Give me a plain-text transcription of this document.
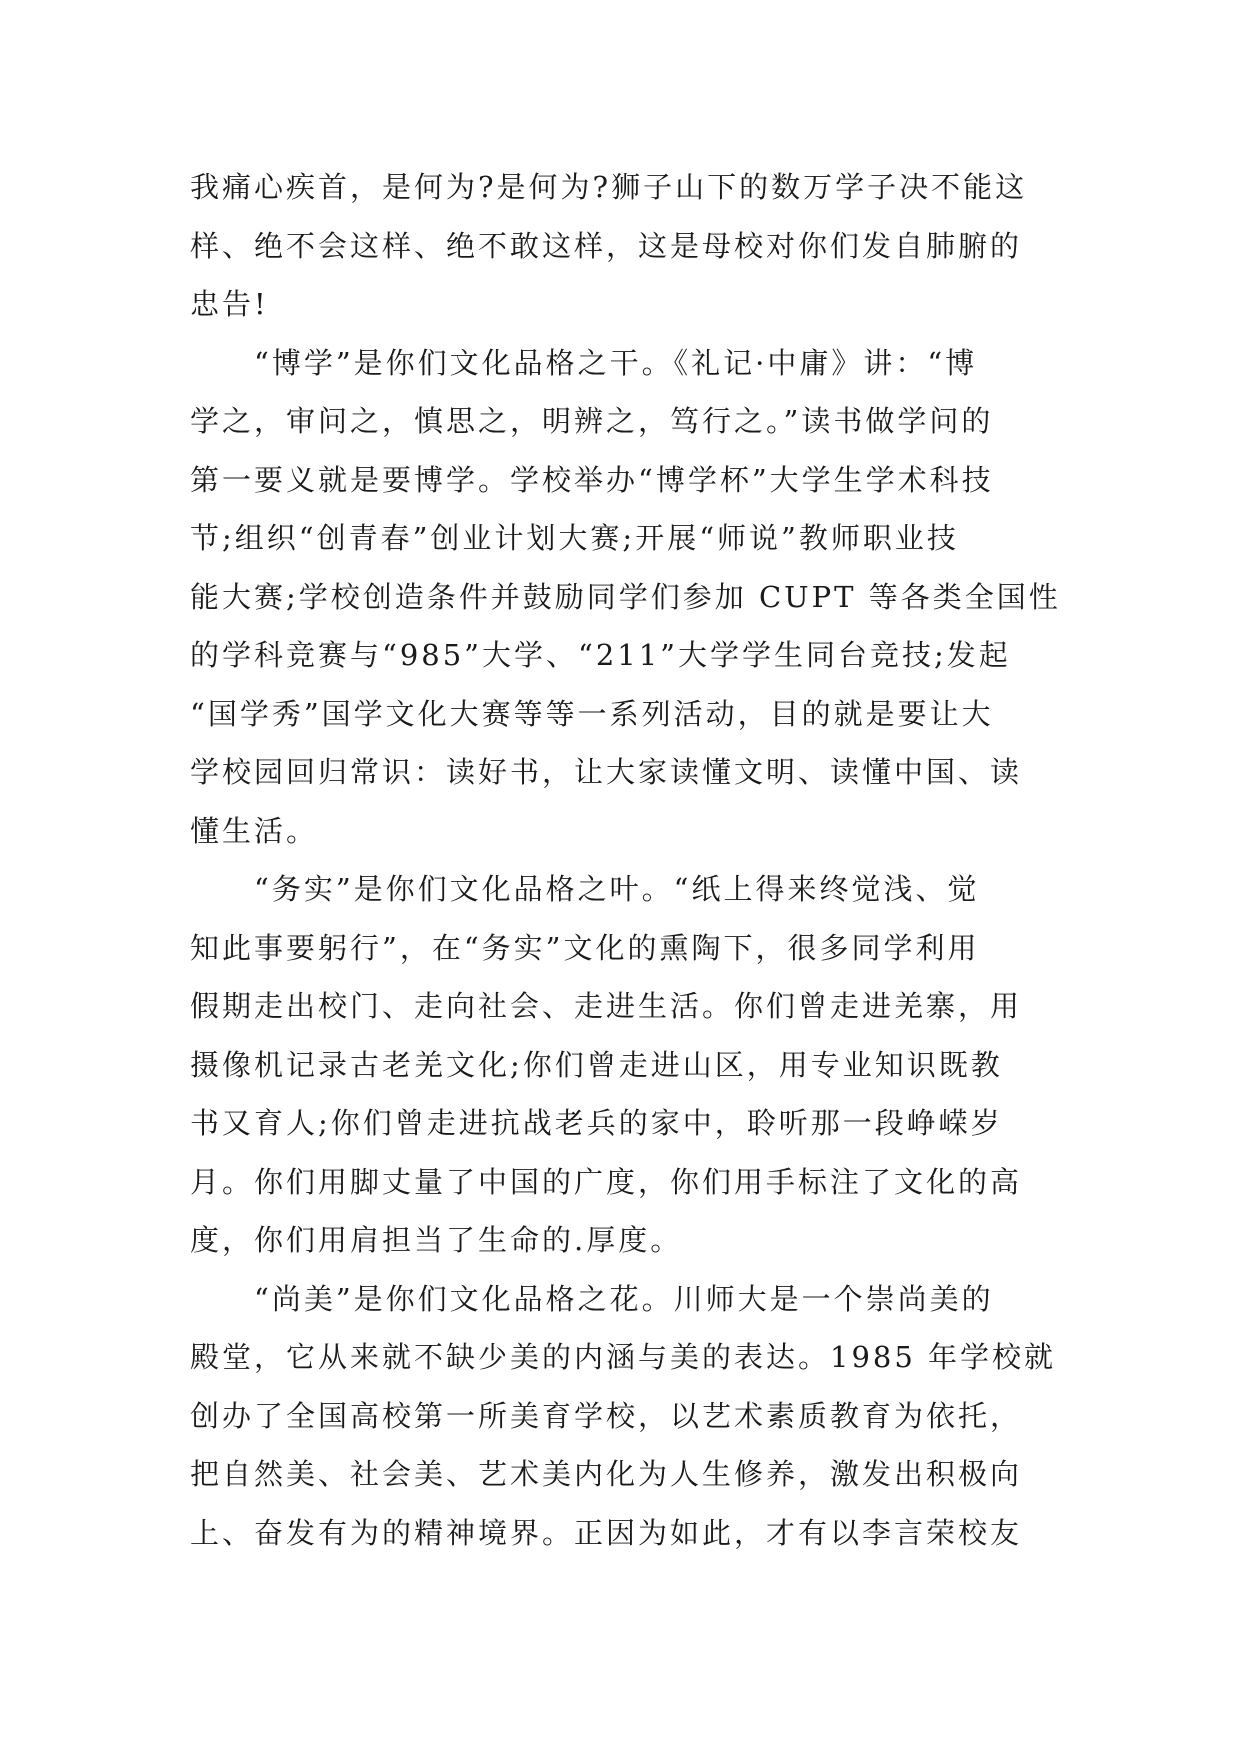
我痛心疾首，是何为?是何为?狮子山下的数万学子决不能这
样、绝不会这样、绝不敢这样，这是母校对你们发自肺腑的
忠告!
“博学”是你们文化品格之干。《礼记·中庸》讲：“博
学之，审问之，慎思之，明辨之，笃行之。”读书做学问的
第一要义就是要博学。学校举办“博学杯”大学生学术科技
节;组织“创青春”创业计划大赛;开展“师说”教师职业技
能大赛;学校创造条件并鼓励同学们参加 CUPT 等各类全国性
的学科竞赛与“985”大学、“211”大学学生同台竞技;发起
“国学秀”国学文化大赛等等一系列活动，目的就是要让大
学校园回归常识：读好书，让大家读懂文明、读懂中国、读
懂生活。
“务实”是你们文化品格之叶。“纸上得来终觉浅、觉
知此事要躬行”，在“务实”文化的熏陶下，很多同学利用
假期走出校门、走向社会、走进生活。你们曾走进羌寨，用
摄像机记录古老羌文化;你们曾走进山区，用专业知识既教
书又育人;你们曾走进抗战老兵的家中，聆听那一段峥嵘岁
月。你们用脚丈量了中国的广度，你们用手标注了文化的高
度，你们用肩担当了生命的.厚度。
“尚美”是你们文化品格之花。川师大是一个崇尚美的
殿堂，它从来就不缺少美的内涵与美的表达。1985 年学校就
创办了全国高校第一所美育学校，以艺术素质教育为依托，
把自然美、社会美、艺术美内化为人生修养，激发出积极向
上、奋发有为的精神境界。正因为如此，才有以李言荣校友
